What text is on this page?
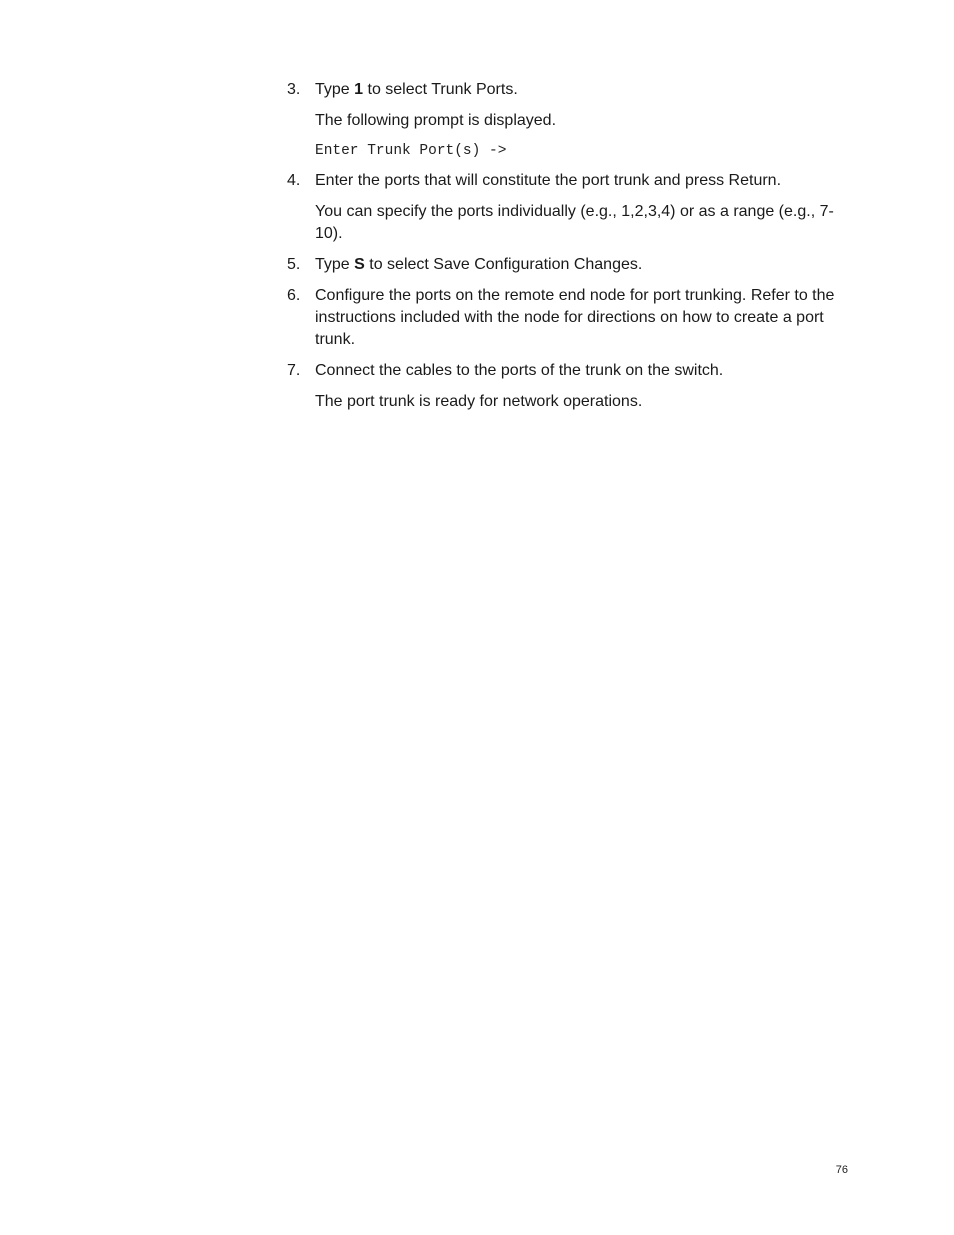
3. Type 1 to select Trunk Ports.
The following prompt is displayed.
Enter Trunk Port(s) ->
4. Enter the ports that will constitute the port trunk and press Return.
You can specify the ports individually (e.g., 1,2,3,4) or as a range (e.g., 7-10).
5. Type S to select Save Configuration Changes.
6. Configure the ports on the remote end node for port trunking. Refer to the instructions included with the node for directions on how to create a port trunk.
7. Connect the cables to the ports of the trunk on the switch.
The port trunk is ready for network operations.
76
